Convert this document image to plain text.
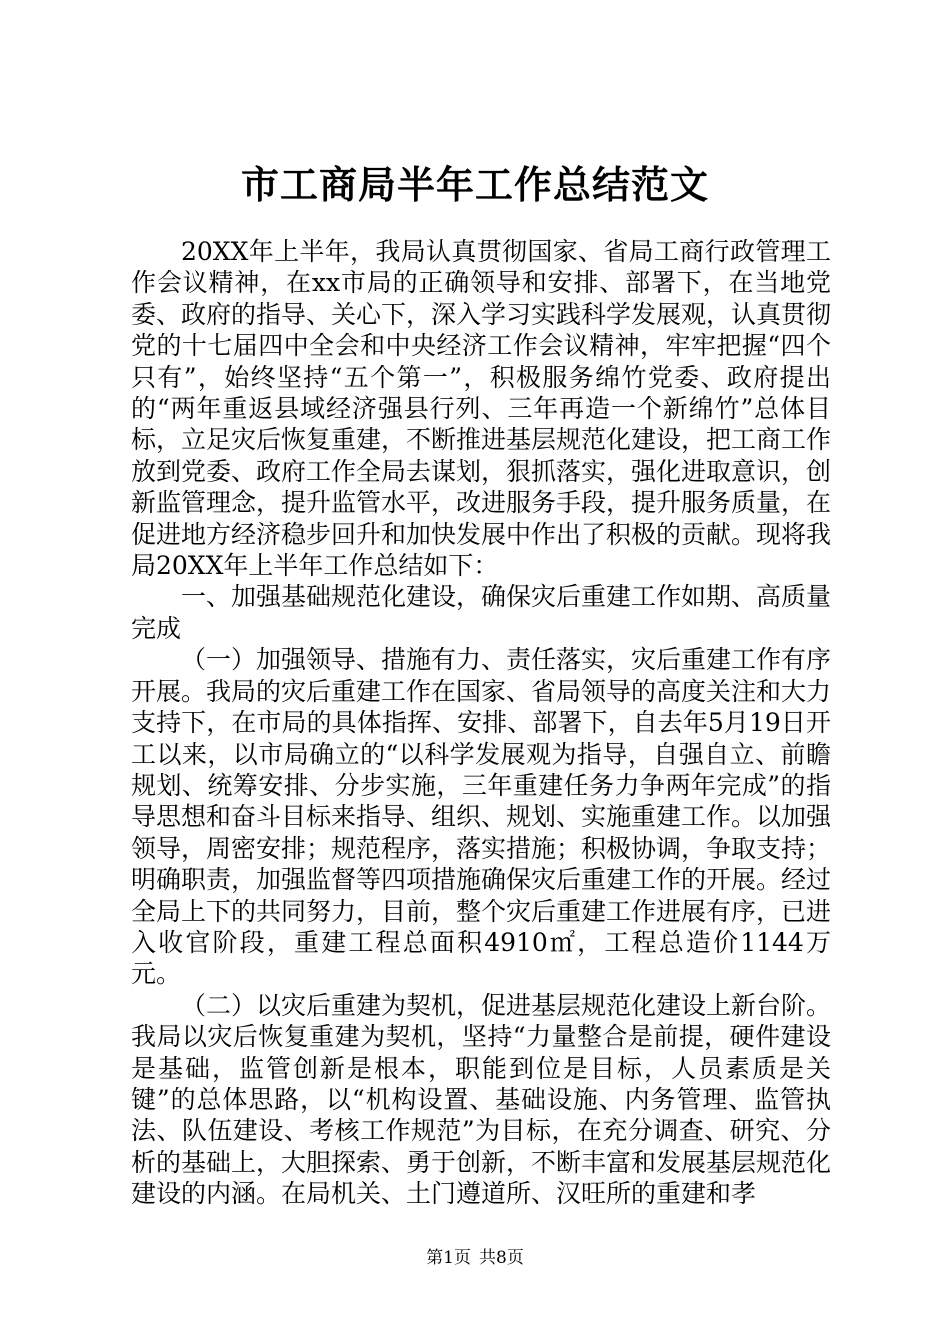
市工商局半年工作总结范文

20XX年上半年，我局认真贯彻国家、省局工商行政管理工作会议精神，在xx市局的正确领导和安排、部署下，在当地党委、政府的指导、关心下，深入学习实践科学发展观，认真贯彻党的十七届四中全会和中央经济工作会议精神，牢牢把握“四个只有”，始终坚持“五个第一”，积极服务绵竹党委、政府提出的“两年重返县域经济强县行列、三年再造一个新绵竹”总体目标，立足灾后恢复重建，不断推进基层规范化建设，把工商工作放到党委、政府工作全局去谋划，狠抓落实，强化进取意识，创新监管理念，提升监管水平，改进服务手段，提升服务质量，在促进地方经济稳步回升和加快发展中作出了积极的贡献。现将我局20XX年上半年工作总结如下：

一、加强基础规范化建设，确保灾后重建工作如期、高质量完成

（一）加强领导、措施有力、责任落实，灾后重建工作有序开展。我局的灾后重建工作在国家、省局领导的高度关注和大力支持下，在市局的具体指挥、安排、部署下，自去年5月19日开工以来，以市局确立的“以科学发展观为指导，自强自立、前瞻规划、统筹安排、分步实施，三年重建任务力争两年完成”的指导思想和奋斗目标来指导、组织、规划、实施重建工作。以加强领导，周密安排；规范程序，落实措施；积极协调，争取支持；明确职责，加强监督等四项措施确保灾后重建工作的开展。经过全局上下的共同努力，目前，整个灾后重建工作进展有序，已进入收官阶段，重建工程总面积4910㎡，工程总造价1144万元。

（二）以灾后重建为契机，促进基层规范化建设上新台阶。我局以灾后恢复重建为契机，坚持“力量整合是前提，硬件建设是基础，监管创新是根本，职能到位是目标，人员素质是关键”的总体思路，以“机构设置、基础设施、内务管理、监管执法、队伍建设、考核工作规范”为目标，在充分调查、研究、分析的基础上，大胆探索、勇于创新，不断丰富和发展基层规范化建设的内涵。在局机关、土门遵道所、汉旺所的重建和孝

第1页 共8页
